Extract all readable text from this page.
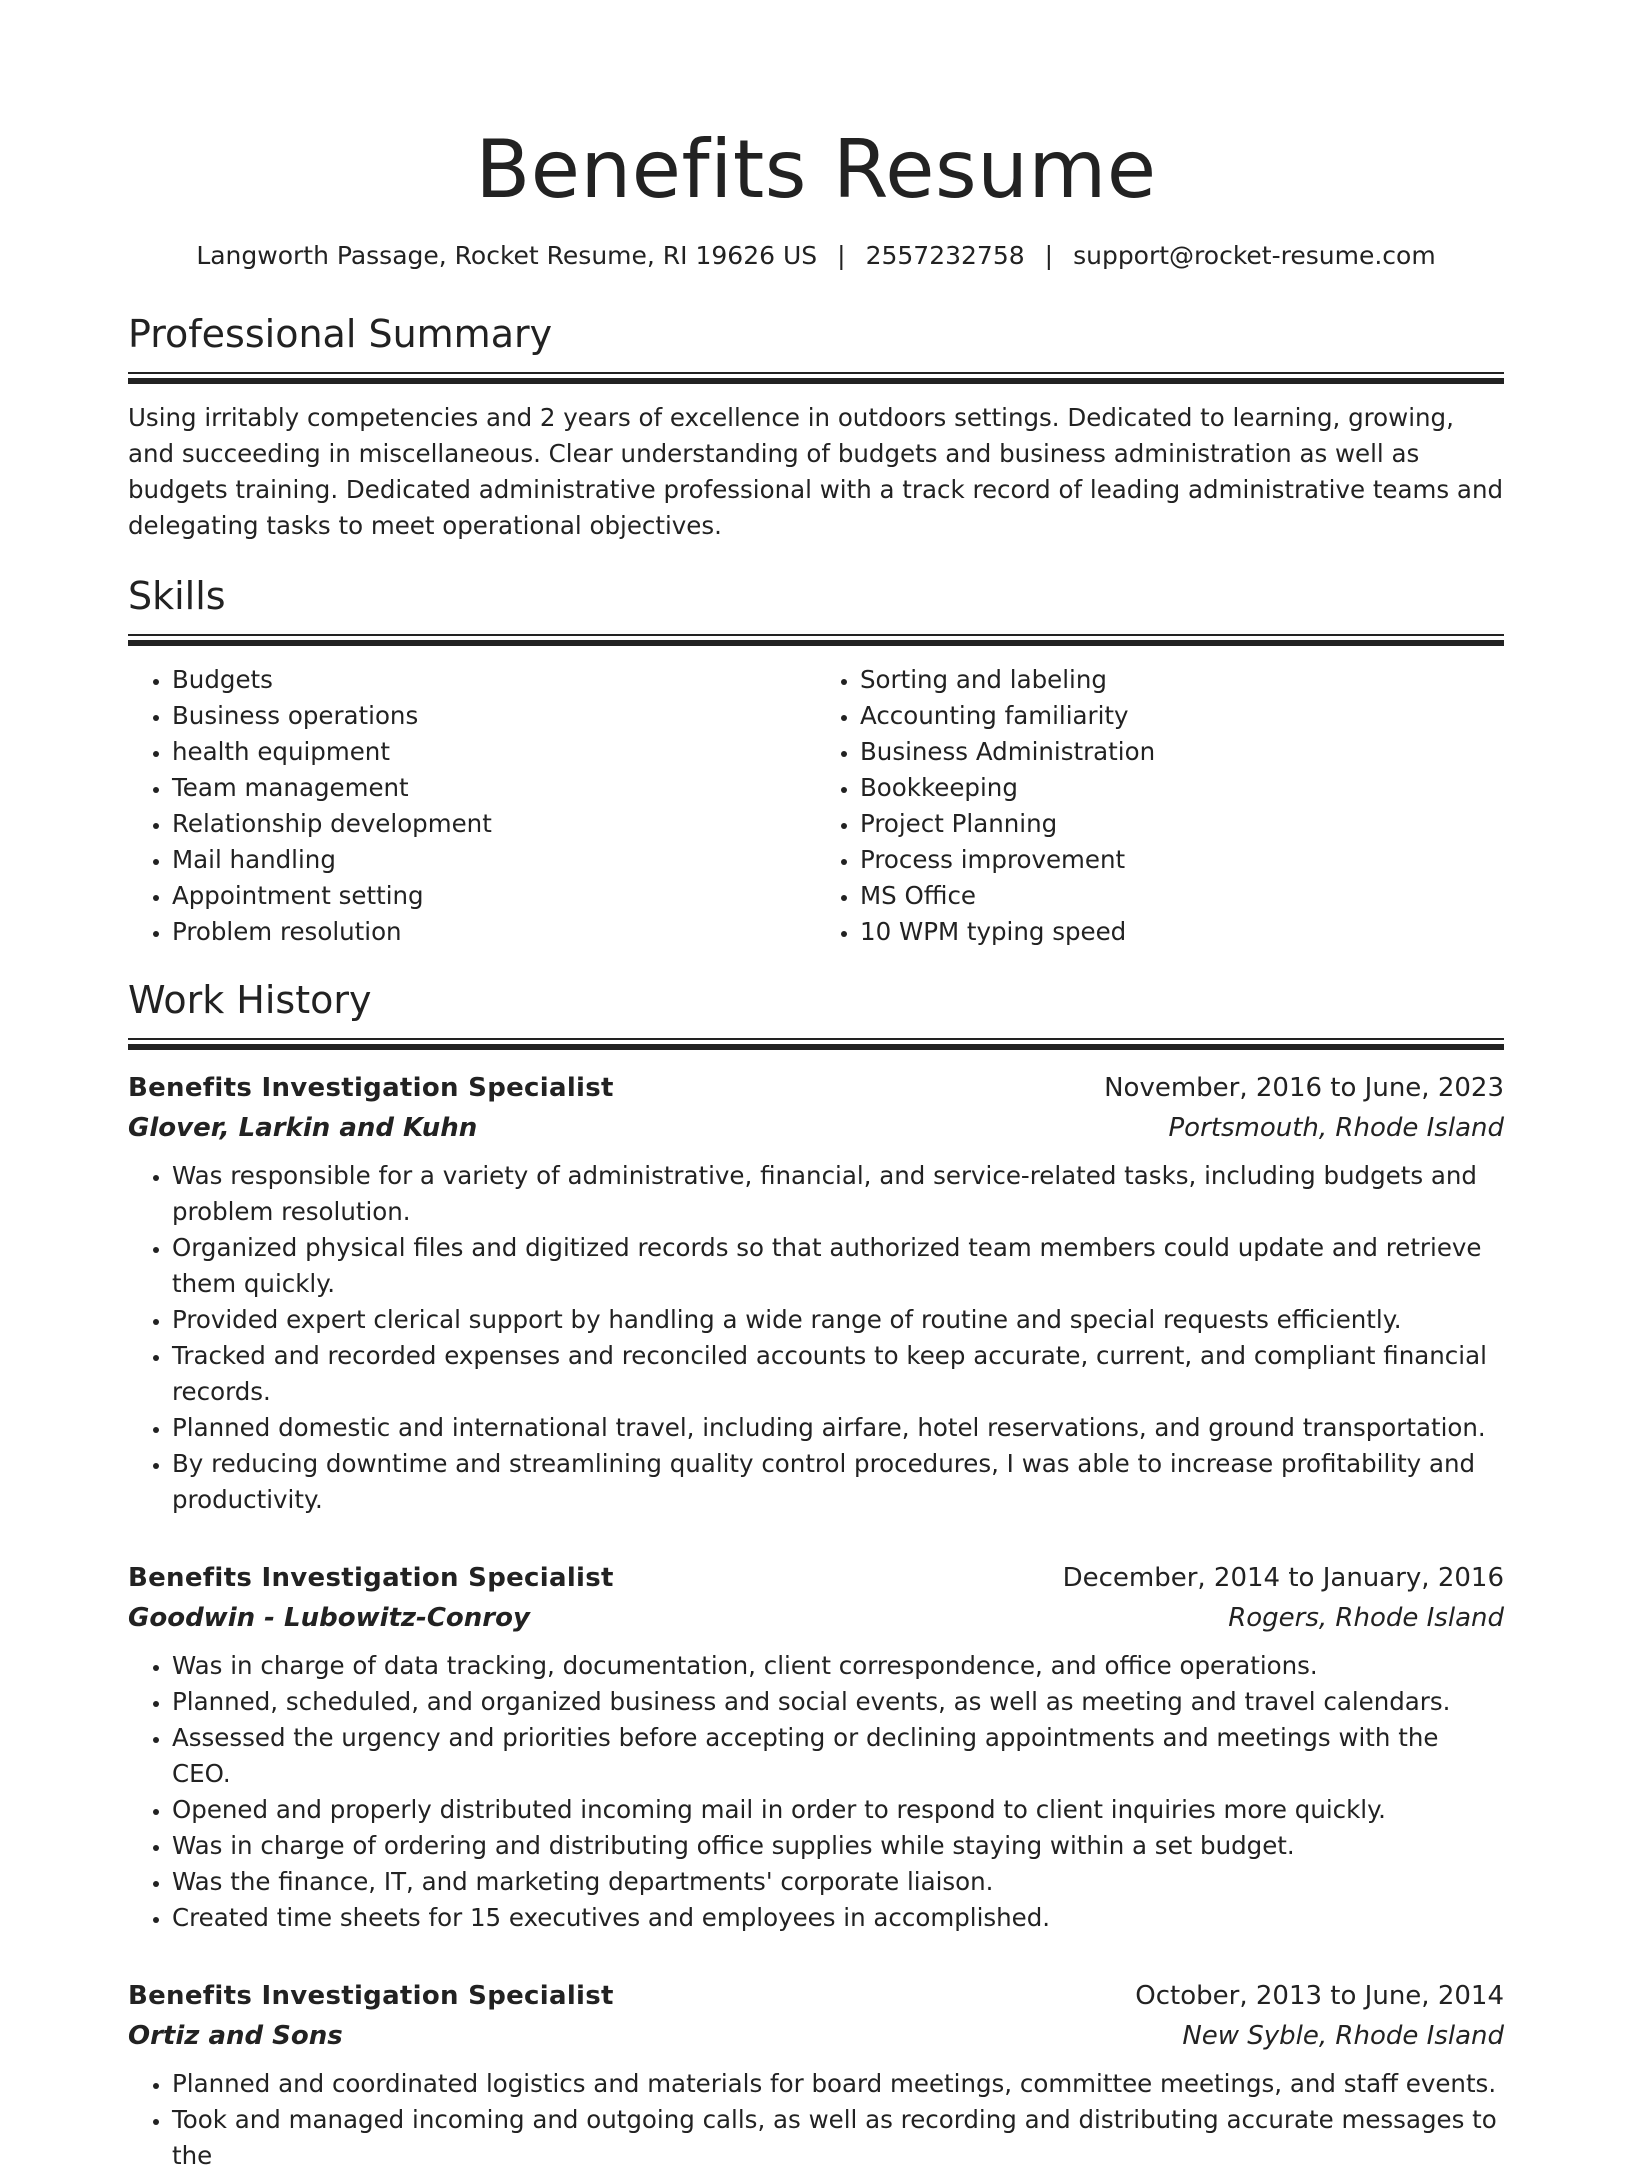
Benefits Resume
Langworth Passage, Rocket Resume, RI 19626 US | 2557232758 | support@rocket-resume.com
Professional Summary

Using irritably competencies and 2 years of excellence in outdoors settings. Dedicated to learning, growing, and succeeding in miscellaneous. Clear understanding of budgets and business administration as well as budgets training. Dedicated administrative professional with a track record of leading administrative teams and delegating tasks to meet operational objectives.

Skills
• Budgets
• Business operations
• health equipment
• Team management
• Relationship development
• Mail handling
• Appointment setting
• Problem resolution
• Sorting and labeling
• Accounting familiarity
• Business Administration
• Bookkeeping
• Project Planning
• Process improvement
• MS Office
• 10 WPM typing speed
Work History
Benefits Investigation Specialist	November, 2016 to June, 2023
Glover, Larkin and Kuhn	Portsmouth, Rhode Island
• Was responsible for a variety of administrative, financial, and service-related tasks, including budgets and problem resolution.
• Organized physical files and digitized records so that authorized team members could update and retrieve them quickly.
• Provided expert clerical support by handling a wide range of routine and special requests efficiently.
• Tracked and recorded expenses and reconciled accounts to keep accurate, current, and compliant financial records.
• Planned domestic and international travel, including airfare, hotel reservations, and ground transportation.
• By reducing downtime and streamlining quality control procedures, I was able to increase profitability and productivity.
Benefits Investigation Specialist	December, 2014 to January, 2016
Goodwin - Lubowitz-Conroy	Rogers, Rhode Island
• Was in charge of data tracking, documentation, client correspondence, and office operations.
• Planned, scheduled, and organized business and social events, as well as meeting and travel calendars.
• Assessed the urgency and priorities before accepting or declining appointments and meetings with the CEO.
• Opened and properly distributed incoming mail in order to respond to client inquiries more quickly.
• Was in charge of ordering and distributing office supplies while staying within a set budget.
• Was the finance, IT, and marketing departments' corporate liaison.
• Created time sheets for 15 executives and employees in accomplished.
Benefits Investigation Specialist	October, 2013 to June, 2014
Ortiz and Sons	New Syble, Rhode Island
• Planned and coordinated logistics and materials for board meetings, committee meetings, and staff events.
• Took and managed incoming and outgoing calls, as well as recording and distributing accurate messages to the
